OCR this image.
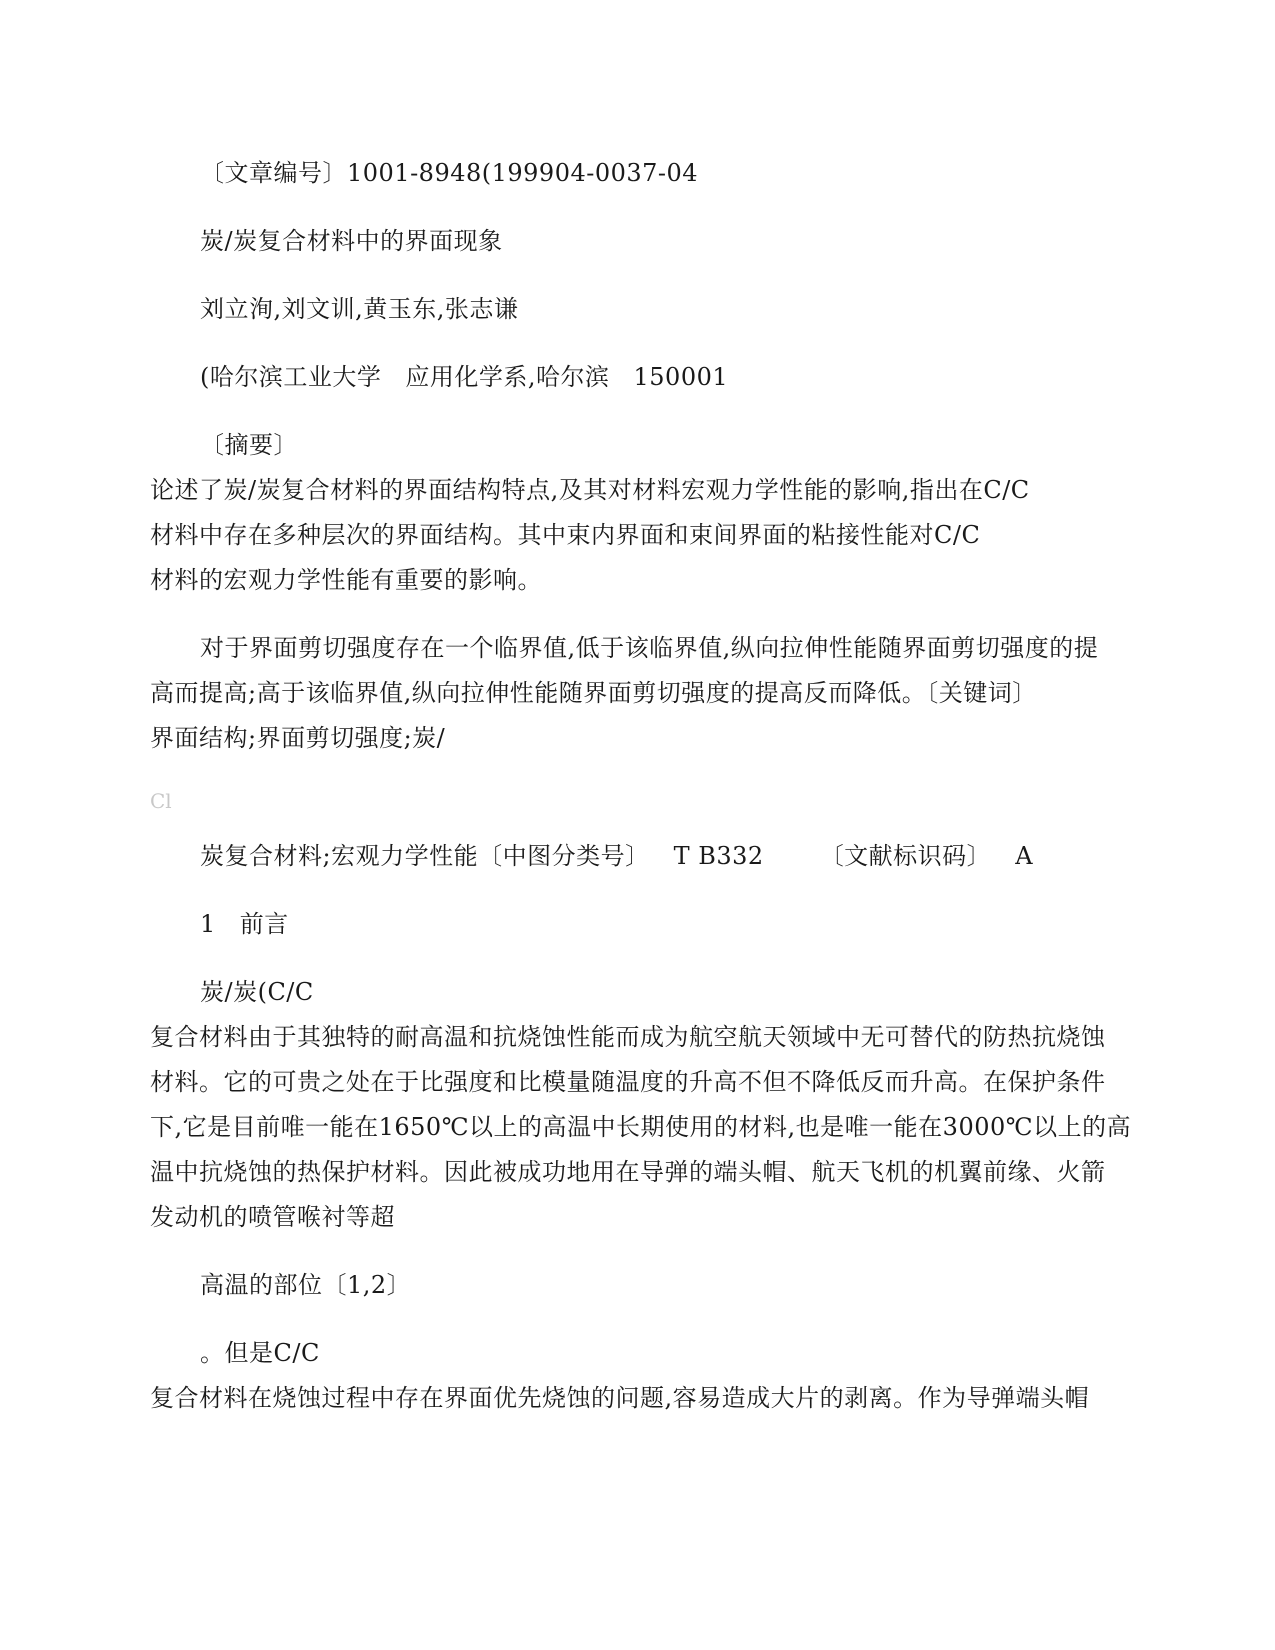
〔文章编号〕1001-8948(199904-0037-04
炭/炭复合材料中的界面现象
刘立洵,刘文训,黄玉东,张志谦
(哈尔滨工业大学 应用化学系,哈尔滨 150001
〔摘要〕
论述了炭/炭复合材料的界面结构特点,及其对材料宏观力学性能的影响,指出在C/C
材料中存在多种层次的界面结构。其中束内界面和束间界面的粘接性能对C/C
材料的宏观力学性能有重要的影响。
对于界面剪切强度存在一个临界值,低于该临界值,纵向拉伸性能随界面剪切强度的提
高而提高;高于该临界值,纵向拉伸性能随界面剪切强度的提高反而降低。〔关键词〕
界面结构;界面剪切强度;炭/
Cl
炭复合材料;宏观力学性能〔中图分类号〕 T B332 〔文献标识码〕 A
1 前言
炭/炭(C/C
复合材料由于其独特的耐高温和抗烧蚀性能而成为航空航天领域中无可替代的防热抗烧蚀
材料。它的可贵之处在于比强度和比模量随温度的升高不但不降低反而升高。在保护条件
下,它是目前唯一能在1650℃以上的高温中长期使用的材料,也是唯一能在3000℃以上的高
温中抗烧蚀的热保护材料。因此被成功地用在导弹的端头帽、航天飞机的机翼前缘、火箭
发动机的喷管喉衬等超
高温的部位〔1,2〕
。但是C/C
复合材料在烧蚀过程中存在界面优先烧蚀的问题,容易造成大片的剥离。作为导弹端头帽
